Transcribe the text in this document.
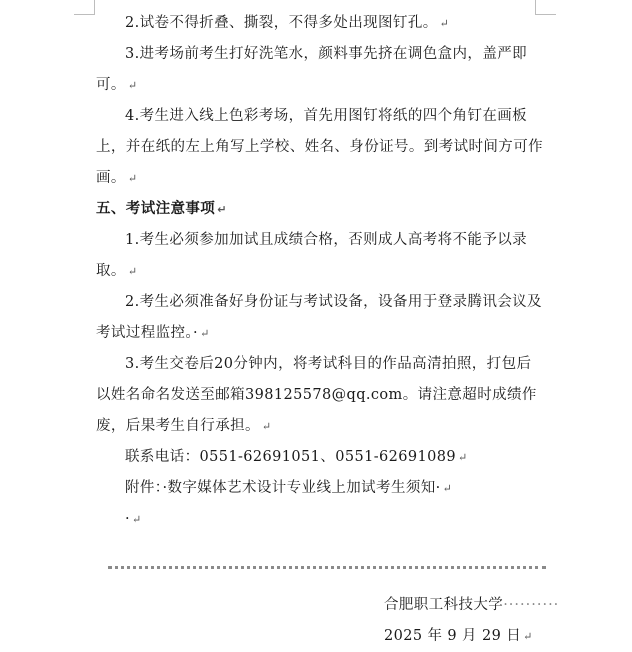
2.试卷不得折叠、撕裂，不得多处出现图钉孔。 ↵

3.进考场前考生打好洗笔水，颜料事先挤在调色盒内，盖严即可。 ↵

4.考生进入线上色彩考场，首先用图钉将纸的四个角钉在画板上，并在纸的左上角写上学校、姓名、身份证号。到考试时间方可作画。 ↵

五、考试注意事项 ↵

1.考生必须参加加试且成绩合格，否则成人高考将不能予以录取。 ↵

2.考生必须准备好身份证与考试设备，设备用于登录腾讯会议及考试过程监控。· ↵

3.考生交卷后20分钟内，将考试科目的作品高清拍照，打包后以姓名命名发送至邮箱398125578@qq.com。请注意超时成绩作废，后果考生自行承担。 ↵

联系电话：0551-62691051、0551-62691089 ↵

附件：·数字媒体艺术设计专业线上加试考生须知· ↵

· ↵

合肥职工科技大学··········
2025 年 9 月 29 日 ↵
